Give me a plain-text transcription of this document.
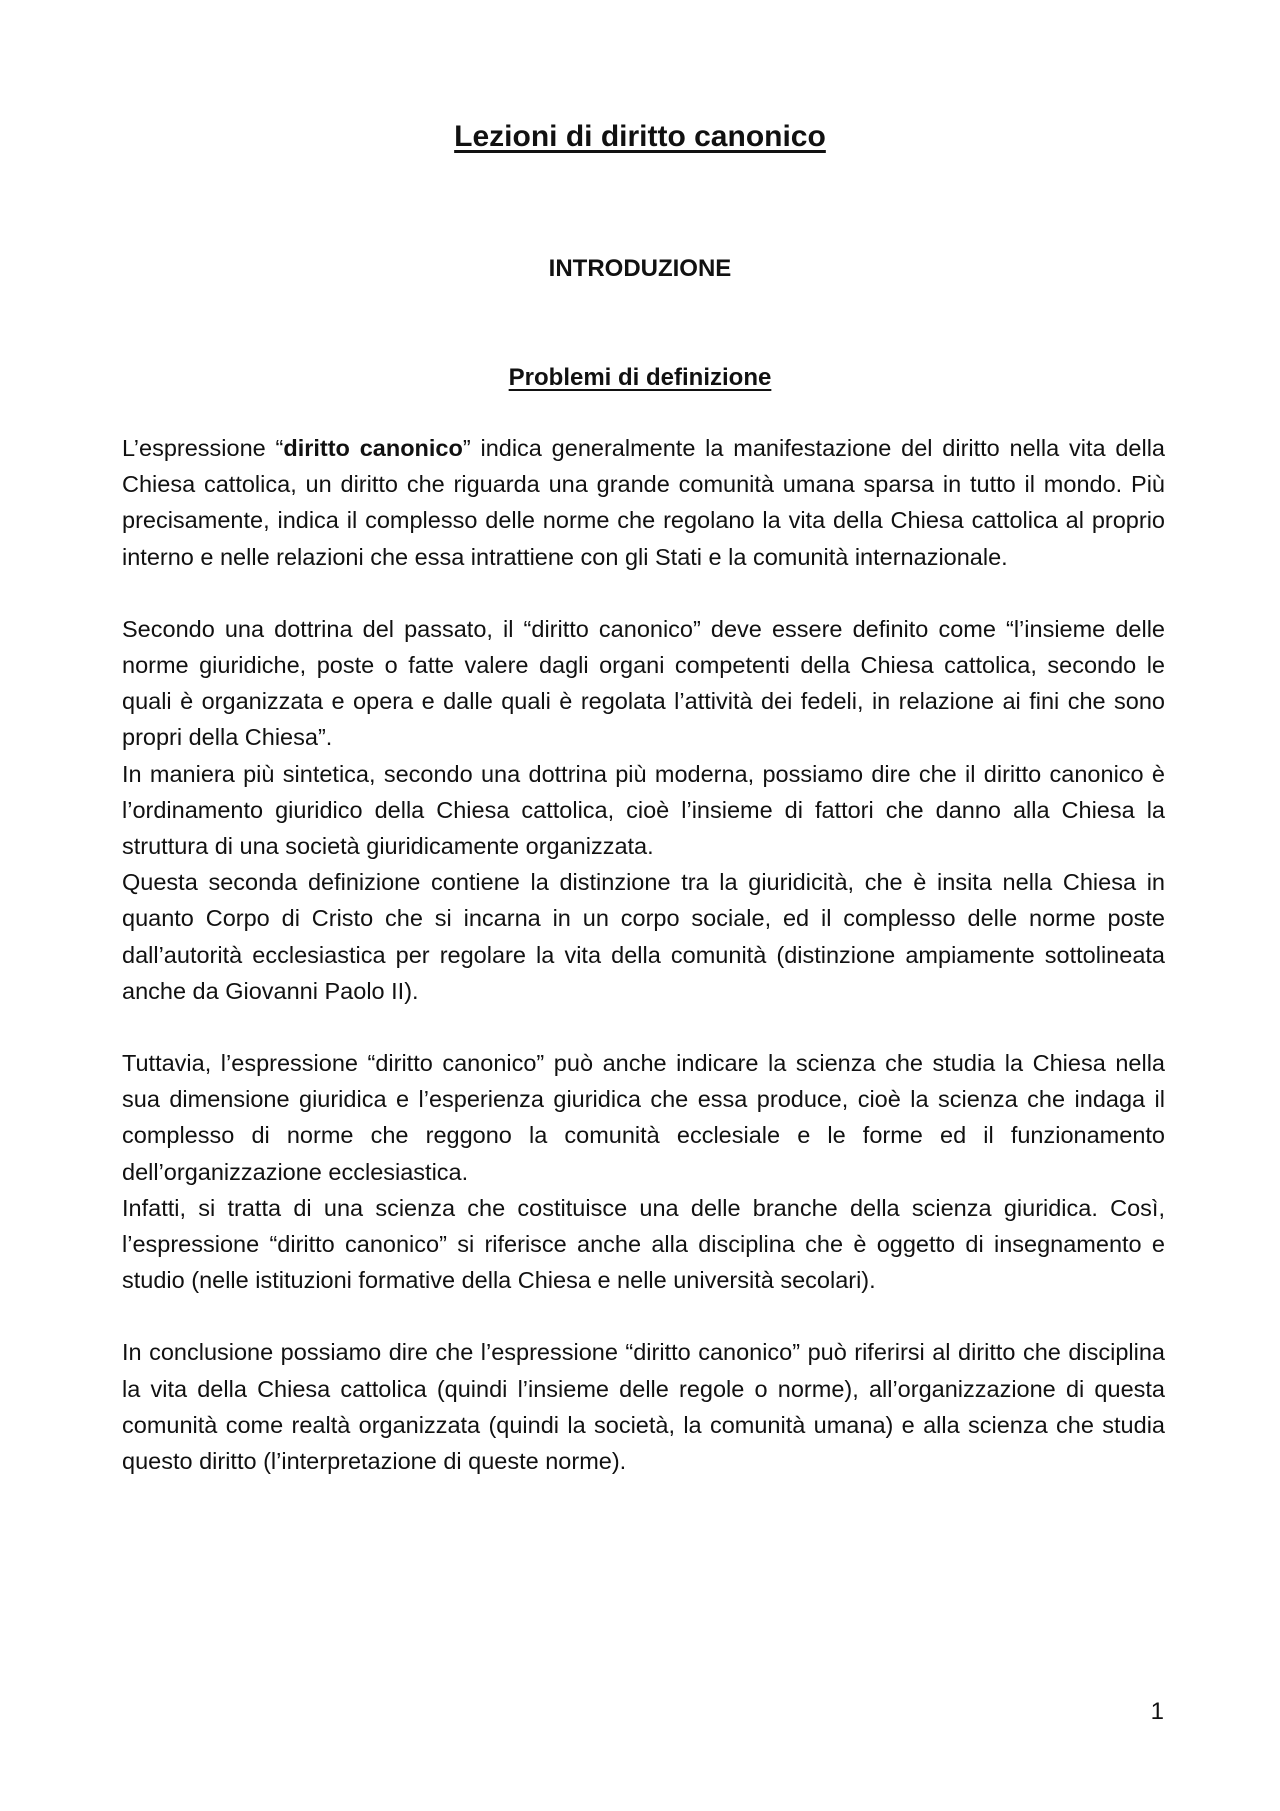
Lezioni di diritto canonico
INTRODUZIONE
Problemi di definizione

L’espressione “diritto canonico” indica generalmente la manifestazione del diritto nella vita della Chiesa cattolica, un diritto che riguarda una grande comunità umana sparsa in tutto il mondo. Più precisamente, indica il complesso delle norme che regolano la vita della Chiesa cattolica al proprio interno e nelle relazioni che essa intrattiene con gli Stati e la comunità internazionale.

Secondo una dottrina del passato, il “diritto canonico” deve essere definito come “l’insieme delle norme giuridiche, poste o fatte valere dagli organi competenti della Chiesa cattolica, secondo le quali è organizzata e opera e dalle quali è regolata l’attività dei fedeli, in relazione ai fini che sono propri della Chiesa”.

In maniera più sintetica, secondo una dottrina più moderna, possiamo dire che il diritto canonico è l’ordinamento giuridico della Chiesa cattolica, cioè l’insieme di fattori che danno alla Chiesa la struttura di una società giuridicamente organizzata.

Questa seconda definizione contiene la distinzione tra la giuridicità, che è insita nella Chiesa in quanto Corpo di Cristo che si incarna in un corpo sociale, ed il complesso delle norme poste dall’autorità ecclesiastica per regolare la vita della comunità (distinzione ampiamente sottolineata anche da Giovanni Paolo II).

Tuttavia, l’espressione “diritto canonico” può anche indicare la scienza che studia la Chiesa nella sua dimensione giuridica e l’esperienza giuridica che essa produce, cioè la scienza che indaga il complesso di norme che reggono la comunità ecclesiale e le forme ed il funzionamento dell’organizzazione ecclesiastica.

Infatti, si tratta di una scienza che costituisce una delle branche della scienza giuridica. Così, l’espressione “diritto canonico” si riferisce anche alla disciplina che è oggetto di insegnamento e studio (nelle istituzioni formative della Chiesa e nelle università secolari).

In conclusione possiamo dire che l’espressione “diritto canonico” può riferirsi al diritto che disciplina la vita della Chiesa cattolica (quindi l’insieme delle regole o norme), all’organizzazione di questa comunità come realtà organizzata (quindi la società, la comunità umana) e alla scienza che studia questo diritto (l’interpretazione di queste norme).

1
